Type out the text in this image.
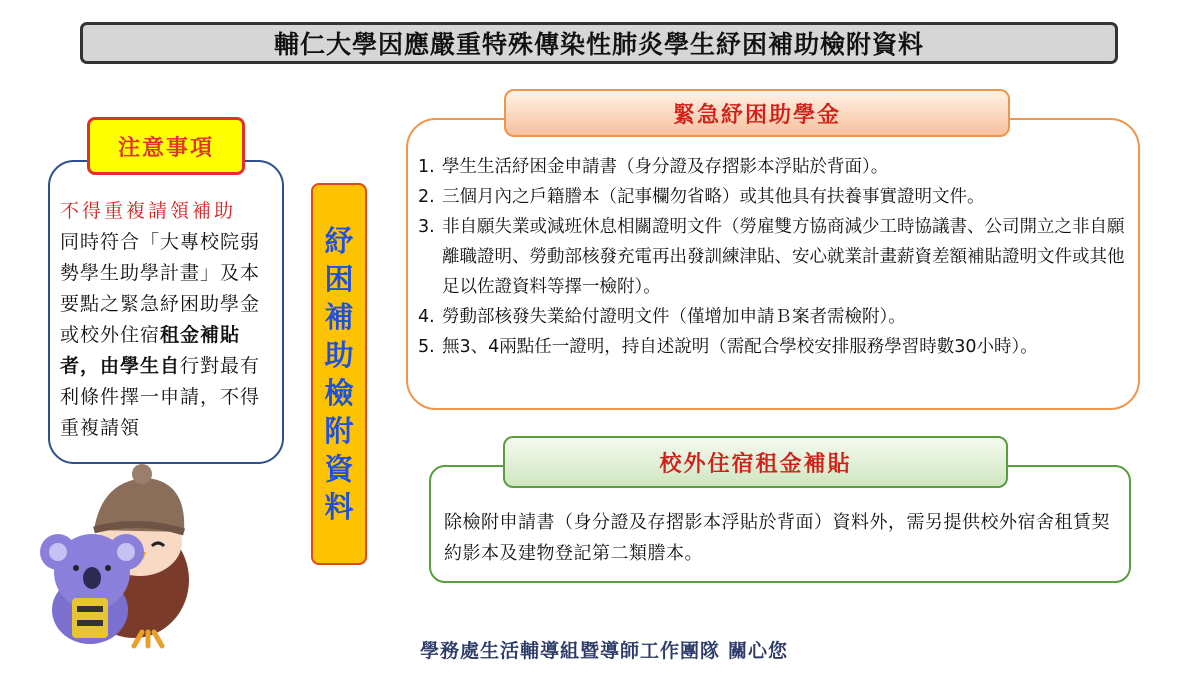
輔仁大學因應嚴重特殊傳染性肺炎學生紓困補助檢附資料
不得重複請領補助
同時符合「大專校院弱勢學生助學計畫」及本要點之緊急紓困助學金或校外住宿租金補貼者，由學生自行對最有利條件擇一申請，不得重複請領
注意事項
紓
困
補
助
檢
附
資
料
緊急紓困助學金
1. 學生生活紓困金申請書（身分證及存摺影本浮貼於背面）。
2. 三個月內之戶籍謄本（記事欄勿省略）或其他具有扶養事實證明文件。
3. 非自願失業或減班休息相關證明文件（勞雇雙方協商減少工時協議書、公司開立之非自願離職證明、勞動部核發充電再出發訓練津貼、安心就業計畫薪資差額補貼證明文件或其他足以佐證資料等擇一檢附）。
4. 勞動部核發失業給付證明文件（僅增加申請Ｂ案者需檢附）。
5. 無3、4兩點任一證明，持自述說明（需配合學校安排服務學習時數30小時）。
校外住宿租金補貼
除檢附申請書（身分證及存摺影本浮貼於背面）資料外，需另提供校外宿舍租賃契約影本及建物登記第二類謄本。
學務處生活輔導組暨導師工作團隊 關心您
